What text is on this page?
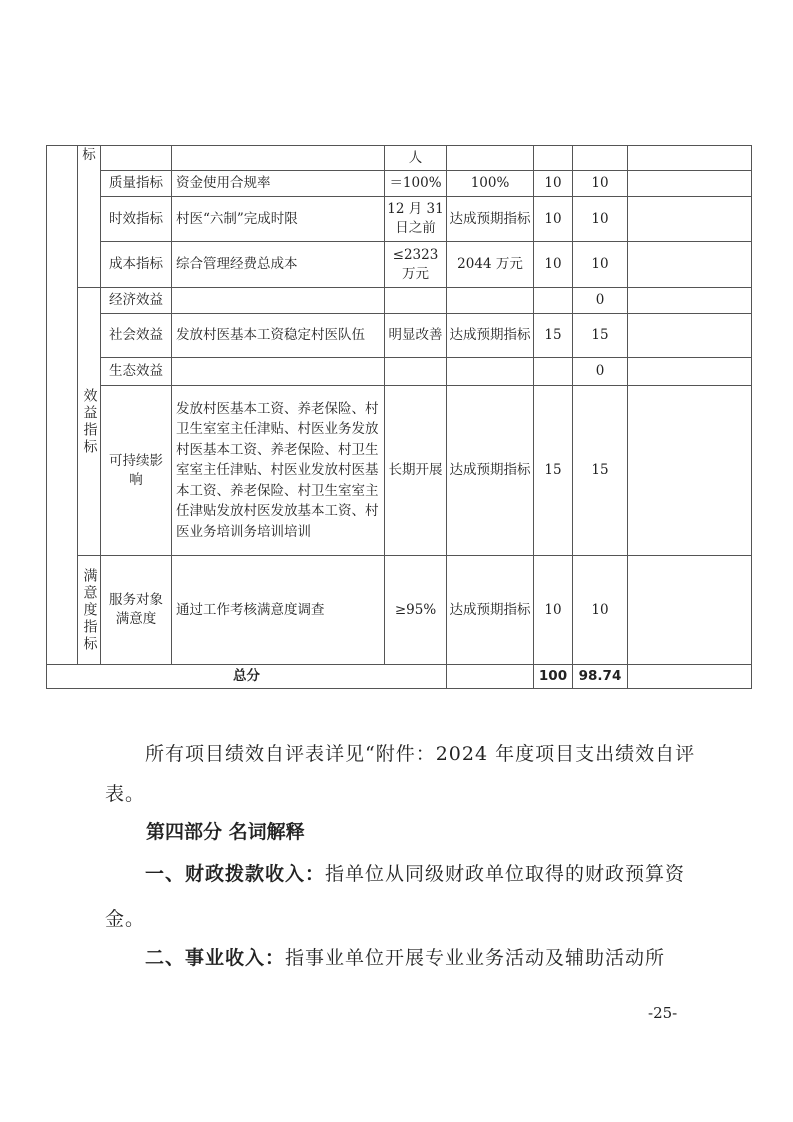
	标			人				
		质量指标	资金使用合规率	＝100%	100%	10	10	
		时效指标	村医“六制”完成时限	12 月 31 日之前	达成预期指标	10	10	
		成本指标	综合管理经费总成本	≤2323 万元	2044 万元	10	10	
	效益指标	经济效益					0	
		社会效益	发放村医基本工资稳定村医队伍	明显改善	达成预期指标	15	15	
		生态效益					0	
		可持续影响	发放村医基本工资、养老保险、村卫生室室主任津贴、村医业务发放村医基本工资、养老保险、村卫生室室主任津贴、村医业发放村医基本工资、养老保险、村卫生室室主任津贴发放村医发放基本工资、村医业务培训务培训培训	长期开展	达成预期指标	15	15	
	满意度指标	服务对象满意度	通过工作考核满意度调查	≥95%	达成预期指标	10	10	
总分						100	98.74	
所有项目绩效自评表详见“附件：2024 年度项目支出绩效自评表。
第四部分 名词解释
一、财政拨款收入：指单位从同级财政单位取得的财政预算资金。
二、事业收入：指事业单位开展专业业务活动及辅助活动所
-25-
